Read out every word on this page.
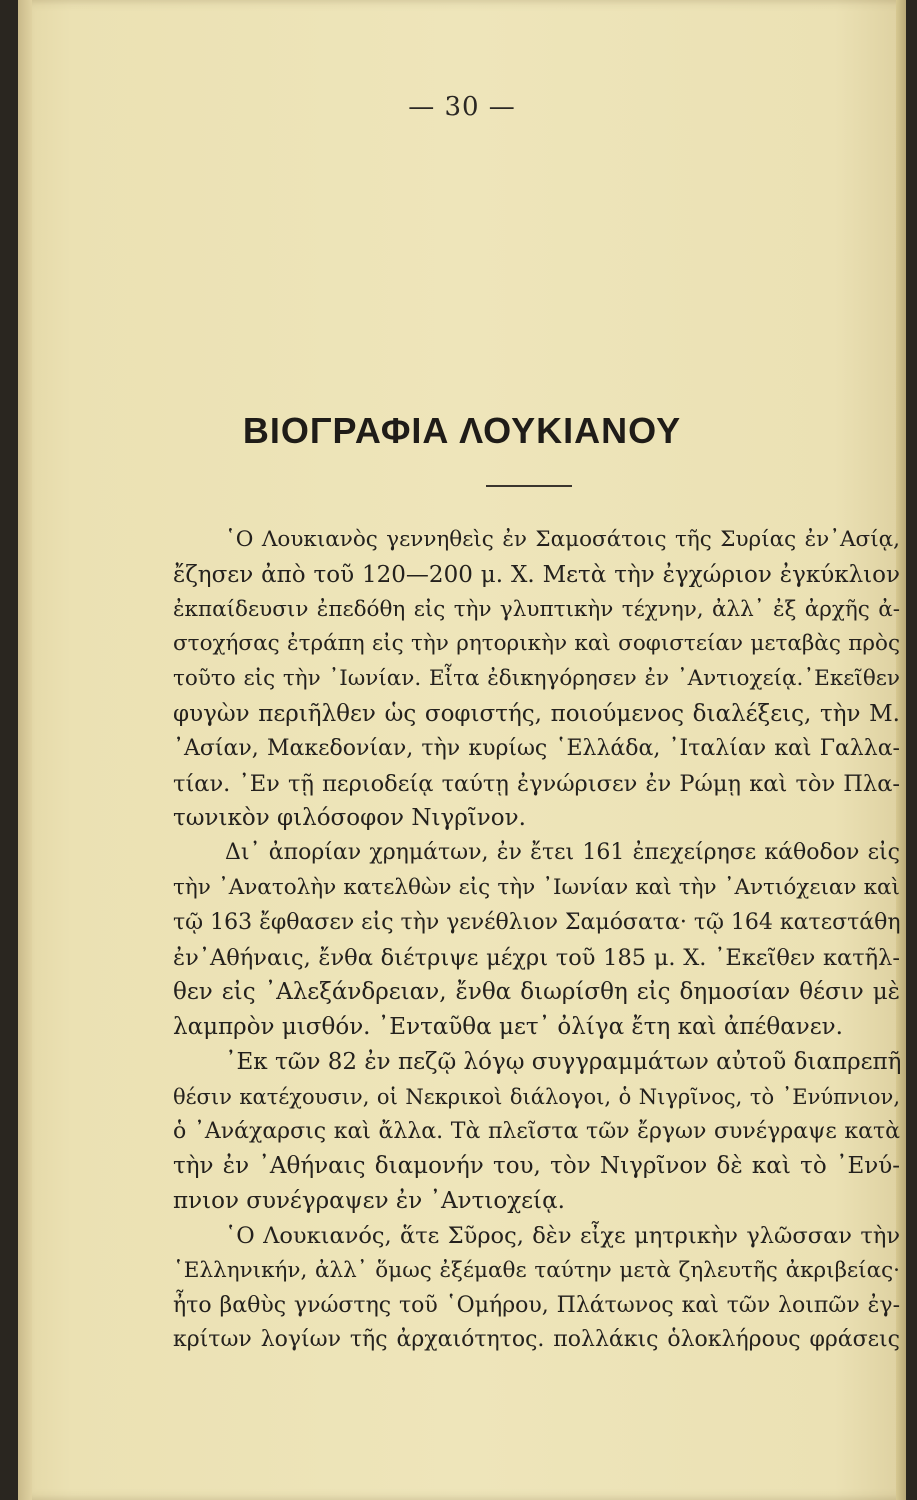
— 30 —
ΒΙΟΓΡΑΦΙΑ ΛΟΥΚΙΑΝΟΥ
῾Ο Λουκιανὸς γεννηθεὶς ἐν Σαμοσάτοις τῆς Συρίας ἐν᾿Ασίᾳ,
ἔζησεν ἀπὸ τοῦ 120—200 μ. Χ. Μετὰ τὴν ἐγχώριον ἐγκύκλιον
ἐκπαίδευσιν ἐπεδόθη εἰς τὴν γλυπτικὴν τέχνην, ἀλλ᾿ ἐξ ἀρχῆς ἀ-
στοχήσας ἐτράπη εἰς τὴν ρητορικὴν καὶ σοφιστείαν μεταβὰς πρὸς
τοῦτο εἰς τὴν ᾿Ιωνίαν. Εἶτα ἐδικηγόρησεν ἐν ᾿Αντιοχείᾳ.᾿Εκεῖθεν
φυγὼν περιῆλθεν ὡς σοφιστής, ποιούμενος διαλέξεις, τὴν Μ.
᾿Ασίαν, Μακεδονίαν, τὴν κυρίως ῾Ελλάδα, ᾿Ιταλίαν καὶ Γαλλα-
τίαν. ᾿Εν τῇ περιοδείᾳ ταύτῃ ἐγνώρισεν ἐν Ρώμῃ καὶ τὸν Πλα-
τωνικὸν φιλόσοφον Νιγρῖνον.
Δι᾿ ἀπορίαν χρημάτων, ἐν ἔτει 161 ἐπεχείρησε κάθοδον εἰς
τὴν ᾿Ανατολὴν κατελθὼν εἰς τὴν ᾿Ιωνίαν καὶ τὴν ᾿Αντιόχειαν καὶ
τῷ 163 ἔφθασεν εἰς τὴν γενέθλιον Σαμόσατα· τῷ 164 κατεστάθη
ἐν᾿Αθήναις, ἔνθα διέτριψε μέχρι τοῦ 185 μ. Χ. ᾿Εκεῖθεν κατῆλ-
θεν εἰς ᾿Αλεξάνδρειαν, ἔνθα διωρίσθη εἰς δημοσίαν θέσιν μὲ
λαμπρὸν μισθόν. ᾿Ενταῦθα μετ᾿ ὀλίγα ἔτη καὶ ἀπέθανεν.
᾿Εκ τῶν 82 ἐν πεζῷ λόγῳ συγγραμμάτων αὐτοῦ διαπρεπῆ
θέσιν κατέχουσιν, οἱ Νεκρικοὶ διάλογοι, ὁ Νιγρῖνος, τὸ ᾿Ενύπνιον,
ὁ ᾿Ανάχαρσις καὶ ἄλλα. Τὰ πλεῖστα τῶν ἔργων συνέγραψε κατὰ
τὴν ἐν ᾿Αθήναις διαμονήν του, τὸν Νιγρῖνον δὲ καὶ τὸ ᾿Ενύ-
πνιον συνέγραψεν ἐν ᾿Αντιοχείᾳ.
῾Ο Λουκιανός, ἅτε Σῦρος, δὲν εἶχε μητρικὴν γλῶσσαν τὴν
῾Ελληνικήν, ἀλλ᾿ ὅμως ἐξέμαθε ταύτην μετὰ ζηλευτῆς ἀκριβείας·
ἦτο βαθὺς γνώστης τοῦ ῾Ομήρου, Πλάτωνος καὶ τῶν λοιπῶν ἐγ-
κρίτων λογίων τῆς ἀρχαιότητος. πολλάκις ὁλοκλήρους φράσεις
